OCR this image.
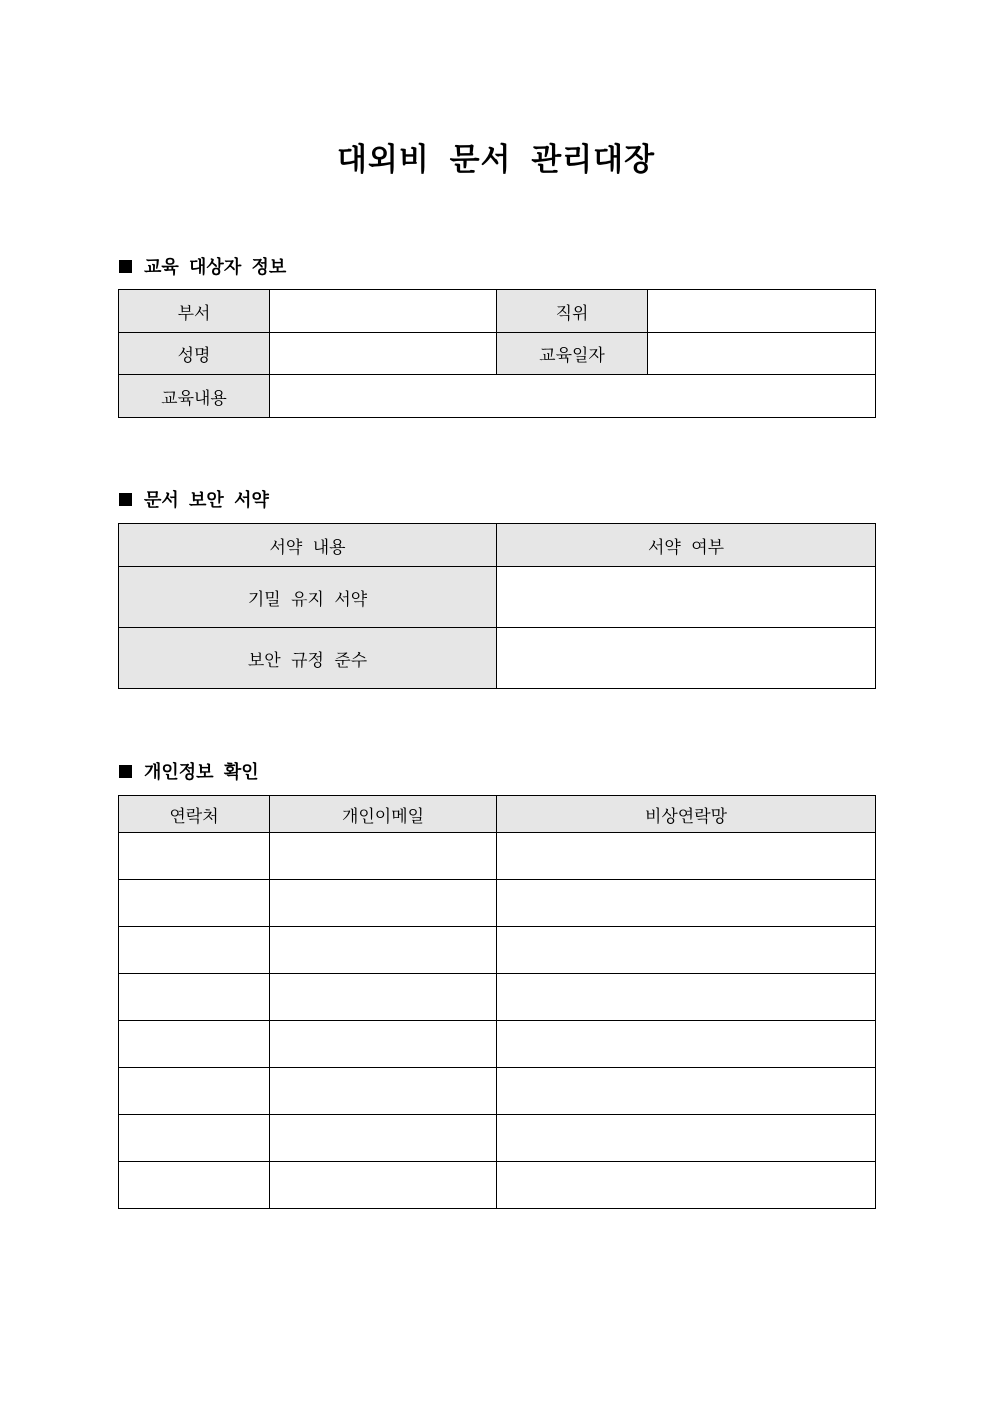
대외비 문서 관리대장
교육 대상자 정보
부서		직위	
성명		교육일자	
교육내용			
문서 보안 서약
서약 내용	서약 여부
기밀 유지 서약	
보안 규정 준수	
개인정보 확인
연락처	개인이메일	비상연락망
